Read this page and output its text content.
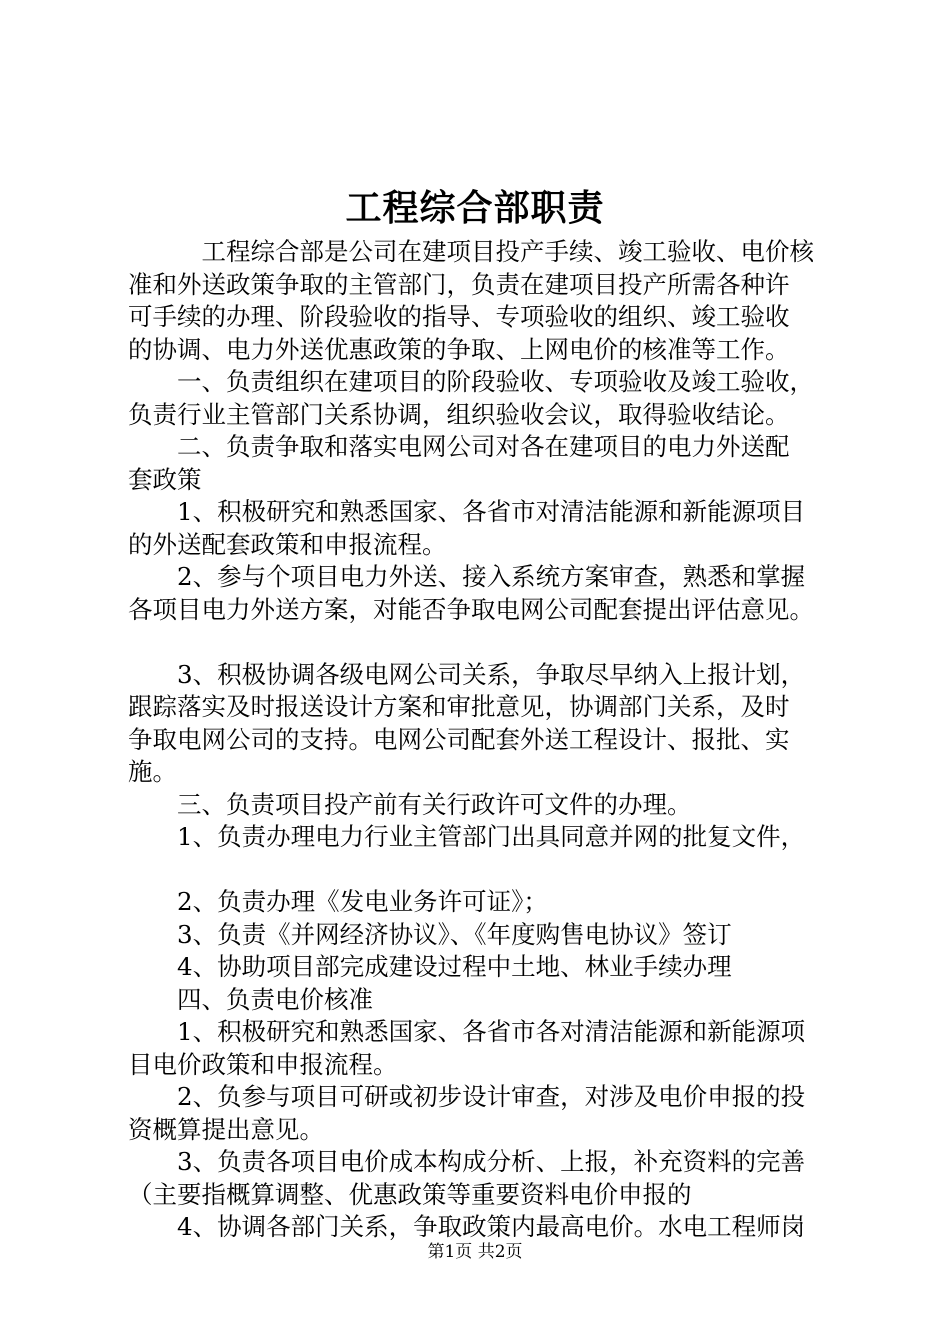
工程综合部职责
　　　工程综合部是公司在建项目投产手续、竣工验收、电价核
准和外送政策争取的主管部门，负责在建项目投产所需各种许
可手续的办理、阶段验收的指导、专项验收的组织、竣工验收
的协调、电力外送优惠政策的争取、上网电价的核准等工作。
　　一、负责组织在建项目的阶段验收、专项验收及竣工验收，
负责行业主管部门关系协调，组织验收会议，取得验收结论。
　　二、负责争取和落实电网公司对各在建项目的电力外送配
套政策
　　1、积极研究和熟悉国家、各省市对清洁能源和新能源项目
的外送配套政策和申报流程。
　　2、参与个项目电力外送、接入系统方案审查，熟悉和掌握
各项目电力外送方案，对能否争取电网公司配套提出评估意见。
　　3、积极协调各级电网公司关系，争取尽早纳入上报计划，
跟踪落实及时报送设计方案和审批意见，协调部门关系，及时
争取电网公司的支持。电网公司配套外送工程设计、报批、实
施。
　　三、负责项目投产前有关行政许可文件的办理。
　　1、负责办理电力行业主管部门出具同意并网的批复文件，
　　2、负责办理《发电业务许可证》；
　　3、负责《并网经济协议》、《年度购售电协议》签订
　　4、协助项目部完成建设过程中土地、林业手续办理
　　四、负责电价核准
　　1、积极研究和熟悉国家、各省市各对清洁能源和新能源项
目电价政策和申报流程。
　　2、负参与项目可研或初步设计审查，对涉及电价申报的投
资概算提出意见。
　　3、负责各项目电价成本构成分析、上报，补充资料的完善
（主要指概算调整、优惠政策等重要资料电价申报的
　　4、协调各部门关系，争取政策内最高电价。水电工程师岗
第1页 共2页
